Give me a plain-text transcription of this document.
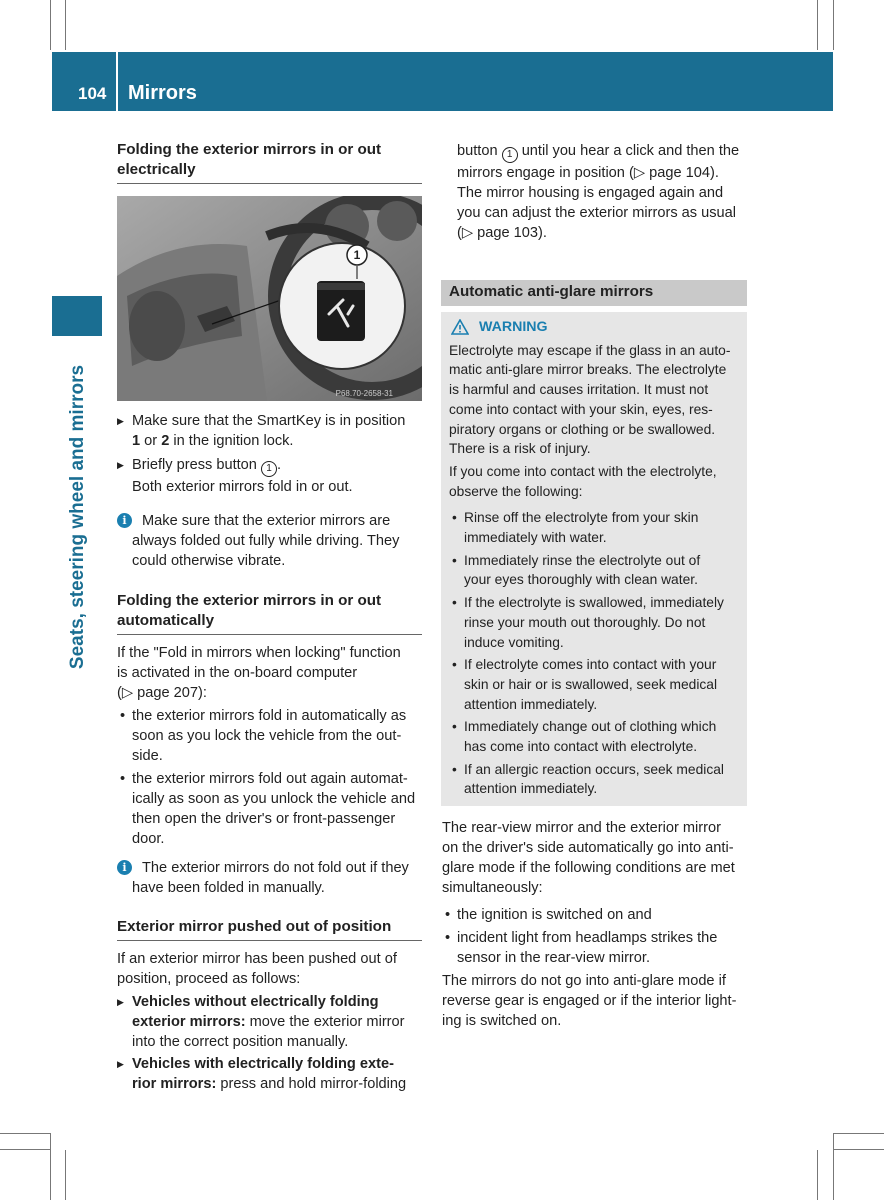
104 Mirrors
Seats, steering wheel and mirrors
Folding the exterior mirrors in or out
electrically
P68.70-2658-31
1
▶ Make sure that the SmartKey is in position
1 or 2 in the ignition lock.
▶ Briefly press button 1 .
Both exterior mirrors fold in or out.
i	Make sure that the exterior mirrors are
always folded out fully while driving. They
could otherwise vibrate.
Folding the exterior mirrors in or out
automatically
If the "Fold in mirrors when locking" function
is activated in the on-board computer
(▷ page 207):
• the exterior mirrors fold in automatically as
soon as you lock the vehicle from the out-
side.
• the exterior mirrors fold out again automat-
ically as soon as you unlock the vehicle and
then open the driver's or front-passenger
door.
i	The exterior mirrors do not fold out if they
have been folded in manually.
Exterior mirror pushed out of position
If an exterior mirror has been pushed out of
position, proceed as follows:
▶ Vehicles without electrically folding
exterior mirrors: move the exterior mirror
into the correct position manually.
▶ Vehicles with electrically folding exte-
rior mirrors: press and hold mirror-folding
button 1 until you hear a click and then the
mirrors engage in position (▷ page 104).
The mirror housing is engaged again and
you can adjust the exterior mirrors as usual
(▷ page 103).
Automatic anti-glare mirrors
WARNING
Electrolyte may escape if the glass in an auto-
matic anti-glare mirror breaks. The electrolyte
is harmful and causes irritation. It must not
come into contact with your skin, eyes, res-
piratory organs or clothing or be swallowed.
There is a risk of injury.
If you come into contact with the electrolyte,
observe the following:
• Rinse off the electrolyte from your skin
immediately with water.
• Immediately rinse the electrolyte out of
your eyes thoroughly with clean water.
• If the electrolyte is swallowed, immediately
rinse your mouth out thoroughly. Do not
induce vomiting.
• If electrolyte comes into contact with your
skin or hair or is swallowed, seek medical
attention immediately.
• Immediately change out of clothing which
has come into contact with electrolyte.
• If an allergic reaction occurs, seek medical
attention immediately.
The rear-view mirror and the exterior mirror
on the driver's side automatically go into anti-
glare mode if the following conditions are met
simultaneously:
• the ignition is switched on and
• incident light from headlamps strikes the
sensor in the rear-view mirror.
The mirrors do not go into anti-glare mode if
reverse gear is engaged or if the interior light-
ing is switched on.
